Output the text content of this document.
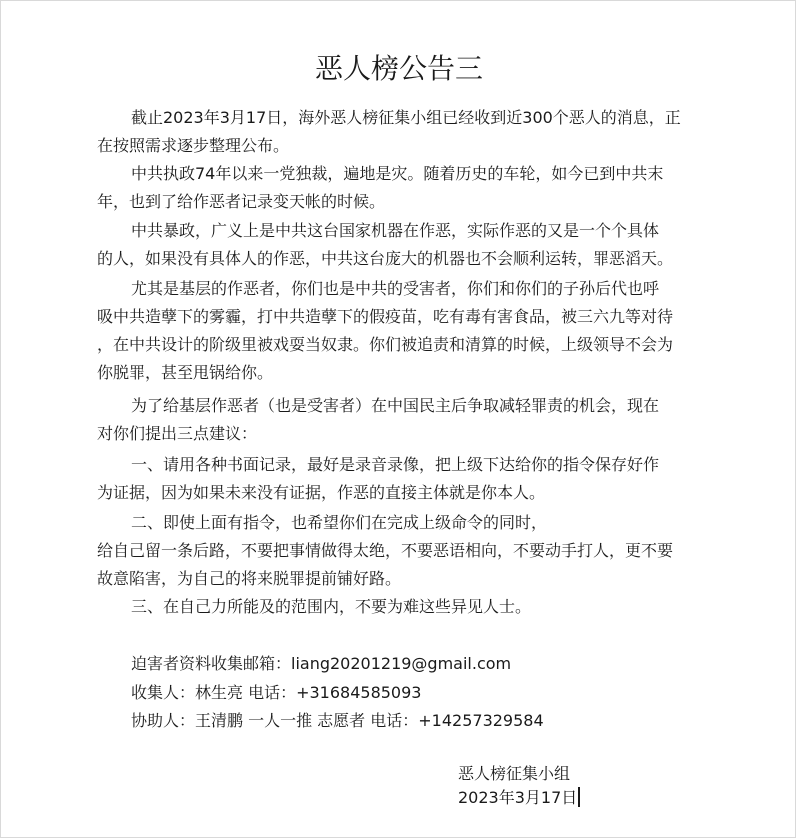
恶人榜公告三
截止2023年3月17日，海外恶人榜征集小组已经收到近300个恶人的消息，正
在按照需求逐步整理公布。
中共执政74年以来一党独裁，遍地是灾。随着历史的车轮，如今已到中共末
年，也到了给作恶者记录变天帐的时候。
中共暴政，广义上是中共这台国家机器在作恶，实际作恶的又是一个个具体
的人，如果没有具体人的作恶，中共这台庞大的机器也不会顺利运转，罪恶滔天。
尤其是基层的作恶者，你们也是中共的受害者，你们和你们的子孙后代也呼
吸中共造孽下的雾霾，打中共造孽下的假疫苗，吃有毒有害食品，被三六九等对待
，在中共设计的阶级里被戏耍当奴隶。你们被追责和清算的时候，上级领导不会为
你脱罪，甚至甩锅给你。
为了给基层作恶者（也是受害者）在中国民主后争取减轻罪责的机会，现在
对你们提出三点建议：
一、请用各种书面记录，最好是录音录像，把上级下达给你的指令保存好作
为证据，因为如果未来没有证据，作恶的直接主体就是你本人。
二、即使上面有指令，也希望你们在完成上级命令的同时，
给自己留一条后路，不要把事情做得太绝，不要恶语相向，不要动手打人，更不要
故意陷害，为自己的将来脱罪提前铺好路。
三、在自己力所能及的范围内，不要为难这些异见人士。
迫害者资料收集邮箱：liang20201219@gmail.com
收集人：林生亮 电话：+31684585093
协助人：王清鹏 一人一推 志愿者 电话：+14257329584
恶人榜征集小组
2023年3月17日
